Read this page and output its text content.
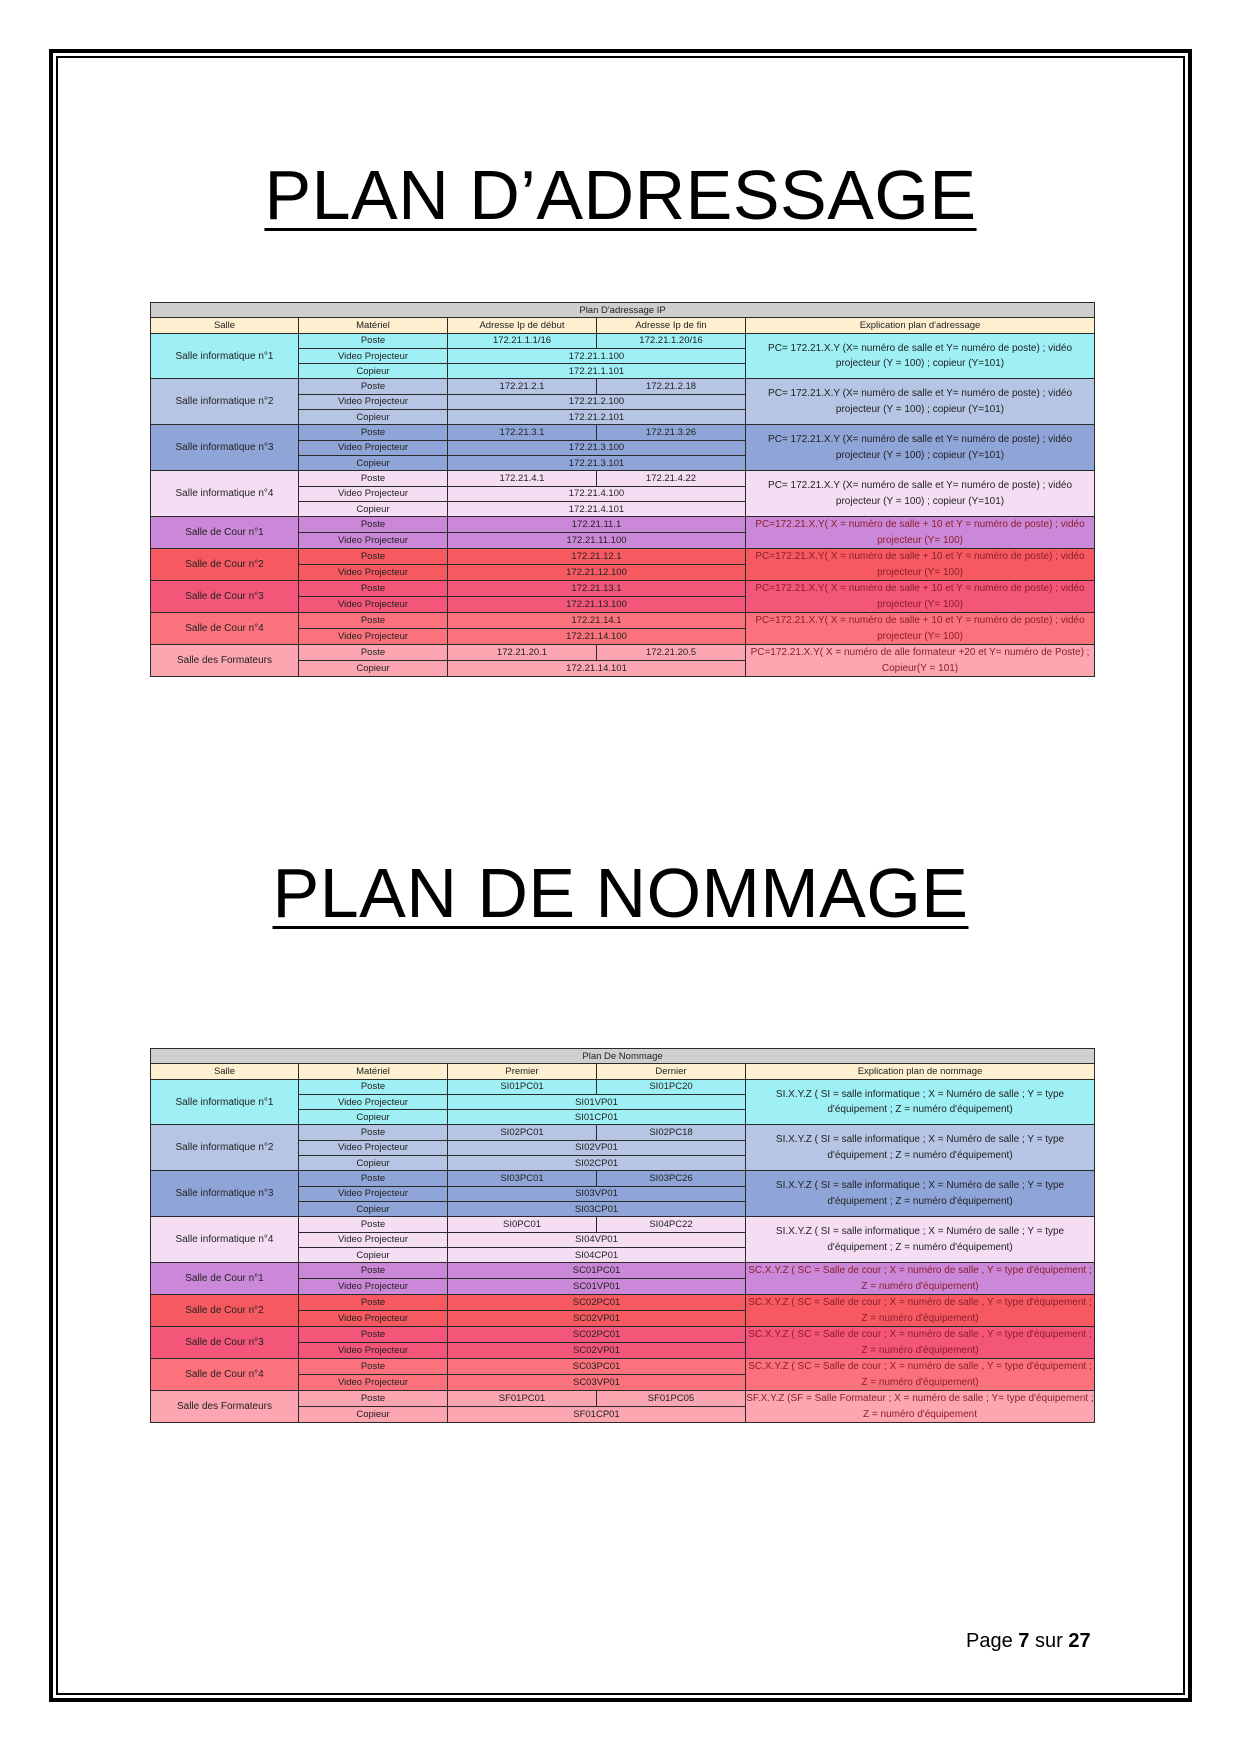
PLAN D’ADRESSAGE
Plan D'adressage IP				
Salle	Matériel	Adresse Ip de début	Adresse Ip de fin	Explication plan d'adressage
Salle informatique n°1	Poste	172.21.1.1/16	172.21.1.20/16	PC= 172.21.X.Y (X= numéro de salle et Y= numéro de poste) ; vidéo projecteur (Y = 100) ; copieur (Y=101)
	Video Projecteur	172.21.1.100		
	Copieur	172.21.1.101		
Salle informatique n°2	Poste	172.21.2.1	172.21.2.18	PC= 172.21.X.Y (X= numéro de salle et Y= numéro de poste) ; vidéo projecteur (Y = 100) ; copieur (Y=101)
	Video Projecteur	172.21.2.100		
	Copieur	172.21.2.101		
Salle informatique n°3	Poste	172.21.3.1	172.21.3.26	PC= 172.21.X.Y (X= numéro de salle et Y= numéro de poste) ; vidéo projecteur (Y = 100) ; copieur (Y=101)
	Video Projecteur	172.21.3.100		
	Copieur	172.21.3.101		
Salle informatique n°4	Poste	172.21.4.1	172.21.4.22	PC= 172.21.X.Y (X= numéro de salle et Y= numéro de poste) ; vidéo projecteur (Y = 100) ; copieur (Y=101)
	Video Projecteur	172.21.4.100		
	Copieur	172.21.4.101		
Salle de Cour n°1	Poste	172.21.11.1		PC=172.21.X.Y( X = numéro de salle + 10 et Y = numéro de poste) ; vidéo projecteur (Y= 100)
	Video Projecteur	172.21.11.100		
Salle de Cour n°2	Poste	172.21.12.1		PC=172.21.X.Y( X = numéro de salle + 10 et Y = numéro de poste) ; vidéo projecteur (Y= 100)
	Video Projecteur	172.21.12.100		
Salle de Cour n°3	Poste	172.21.13.1		PC=172.21.X.Y( X = numéro de salle + 10 et Y = numéro de poste) ; vidéo projecteur (Y= 100)
	Video Projecteur	172.21.13.100		
Salle de Cour n°4	Poste	172.21.14.1		PC=172.21.X.Y( X = numéro de salle + 10 et Y = numéro de poste) ; vidéo projecteur (Y= 100)
	Video Projecteur	172.21.14.100		
Salle des Formateurs	Poste	172.21.20.1	172.21.20.5	PC=172.21.X.Y( X = numéro de alle formateur +20 et Y= numéro de Poste) ; Copieur(Y = 101)
	Copieur	172.21.14.101		
PLAN DE NOMMAGE
Plan De Nommage				
Salle	Matériel	Premier	Dernier	Explication plan de nommage
Salle informatique n°1	Poste	SI01PC01	SI01PC20	SI.X.Y.Z ( SI = salle informatique ; X = Numéro de salle ; Y = type d'équipement ; Z = numéro d'équipement)
	Video Projecteur	SI01VP01		
	Copieur	SI01CP01		
Salle informatique n°2	Poste	SI02PC01	SI02PC18	SI.X.Y.Z ( SI = salle informatique ; X = Numéro de salle ; Y = type d'équipement ; Z = numéro d'équipement)
	Video Projecteur	SI02VP01		
	Copieur	SI02CP01		
Salle informatique n°3	Poste	SI03PC01	SI03PC26	SI.X.Y.Z ( SI = salle informatique ; X = Numéro de salle ; Y = type d'équipement ; Z = numéro d'équipement)
	Video Projecteur	SI03VP01		
	Copieur	SI03CP01		
Salle informatique n°4	Poste	SI0PC01	SI04PC22	SI.X.Y.Z ( SI = salle informatique ; X = Numéro de salle ; Y = type d'équipement ; Z = numéro d'équipement)
	Video Projecteur	SI04VP01		
	Copieur	SI04CP01		
Salle de Cour n°1	Poste	SC01PC01		SC.X.Y.Z ( SC = Salle de cour ; X = numéro de salle , Y = type d'équipement ; Z = numéro d'équipement)
	Video Projecteur	SC01VP01		
Salle de Cour n°2	Poste	SC02PC01		SC.X.Y.Z ( SC = Salle de cour ; X = numéro de salle , Y = type d'équipement ; Z = numéro d'équipement)
	Video Projecteur	SC02VP01		
Salle de Cour n°3	Poste	SC02PC01		SC.X.Y.Z ( SC = Salle de cour ; X = numéro de salle , Y = type d'équipement ; Z = numéro d'équipement)
	Video Projecteur	SC02VP01		
Salle de Cour n°4	Poste	SC03PC01		SC.X.Y.Z ( SC = Salle de cour ; X = numéro de salle , Y = type d'équipement ; Z = numéro d'équipement)
	Video Projecteur	SC03VP01		
Salle des Formateurs	Poste	SF01PC01	SF01PC05	SF.X.Y.Z (SF = Salle Formateur ; X = numéro de salle ; Y= type d'équipement ; Z = numéro d'équipement
	Copieur	SF01CP01		
Page 7 sur 27
